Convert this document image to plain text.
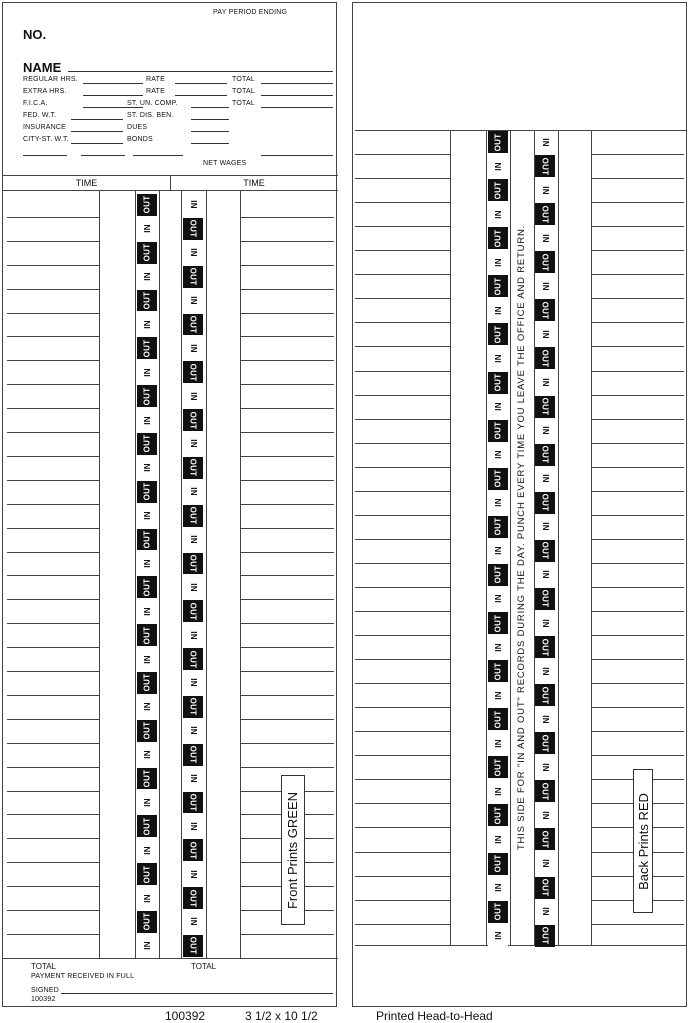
PAY PERIOD ENDING
NO.
NAME
REGULAR HRS.	RATE	TOTAL
EXTRA HRS.	RATE	TOTAL
F.I.C.A.	ST. UN. COMP.	TOTAL
FED. W.T.	ST. DIS. BEN.
INSURANCE	DUES
CITY-ST. W.T.	BONDS
NET WAGES
TIME	TIME
OUT	IN
IN	OUT
OUT	IN
IN	OUT
OUT	IN
IN	OUT
OUT	IN
IN	OUT
OUT	IN
IN	OUT
OUT	IN
IN	OUT
OUT	IN
IN	OUT
OUT	IN
IN	OUT
OUT	IN
IN	OUT
OUT	IN
IN	OUT
OUT	IN
IN	OUT
OUT	IN
IN	OUT
OUT	IN
IN	OUT
OUT	IN
IN	OUT
OUT	IN
IN	OUT
OUT	IN
IN	OUT
Front Prints GREEN
TOTAL	TOTAL
PAYMENT RECEIVED IN FULL
SIGNED
100392
OUT	IN
IN	OUT
OUT	IN
IN	OUT
OUT	IN
IN	OUT
OUT	IN
IN	OUT
OUT	IN
IN	OUT
OUT	IN
IN	OUT
OUT	IN
IN	OUT
OUT	IN
IN	OUT
OUT	IN
IN	OUT
OUT	IN
IN	OUT
OUT	IN
IN	OUT
OUT	IN
IN	OUT
OUT	IN
IN	OUT
OUT	IN
IN	OUT
OUT	IN
IN	OUT
OUT	IN
IN	OUT
OUT	IN
IN	OUT
THIS SIDE FOR "IN AND OUT" RECORDS DURING THE DAY. PUNCH EVERY TIME YOU LEAVE THE OFFICE AND RETURN.	Back Prints RED
100392	3 1/2 x 10 1/2	Printed Head-to-Head
